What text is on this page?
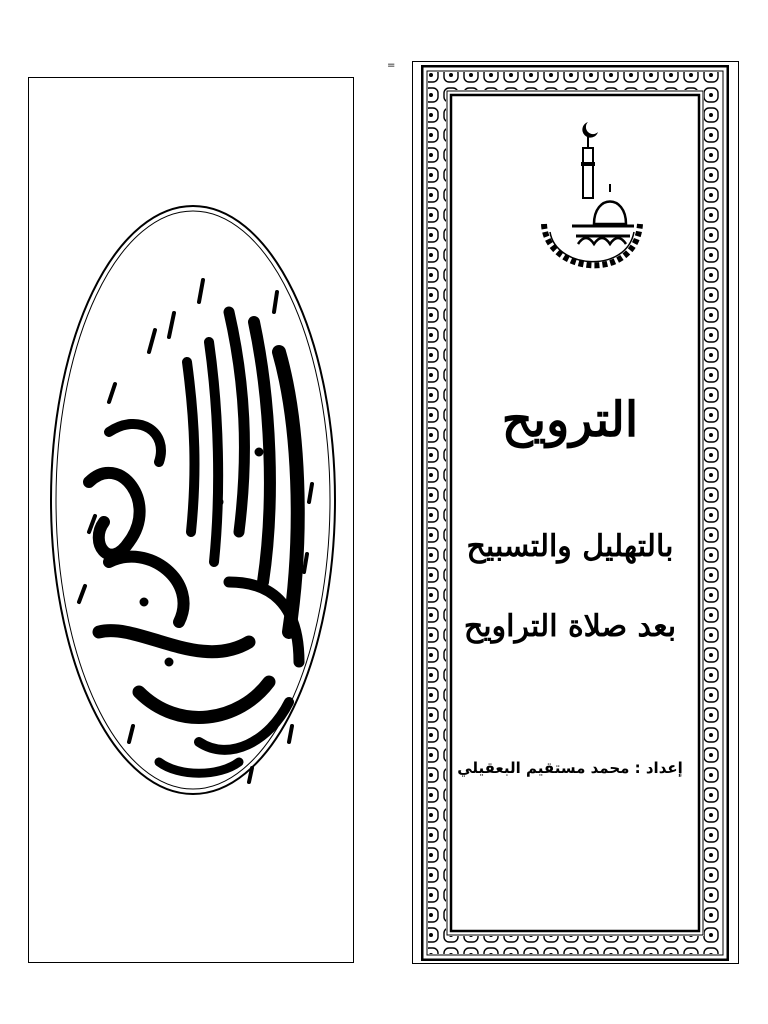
=
الترويح
بالتهليل والتسبيح
بعد صلاة التراويح
إعداد : محمد مستقيم البعقيلي
